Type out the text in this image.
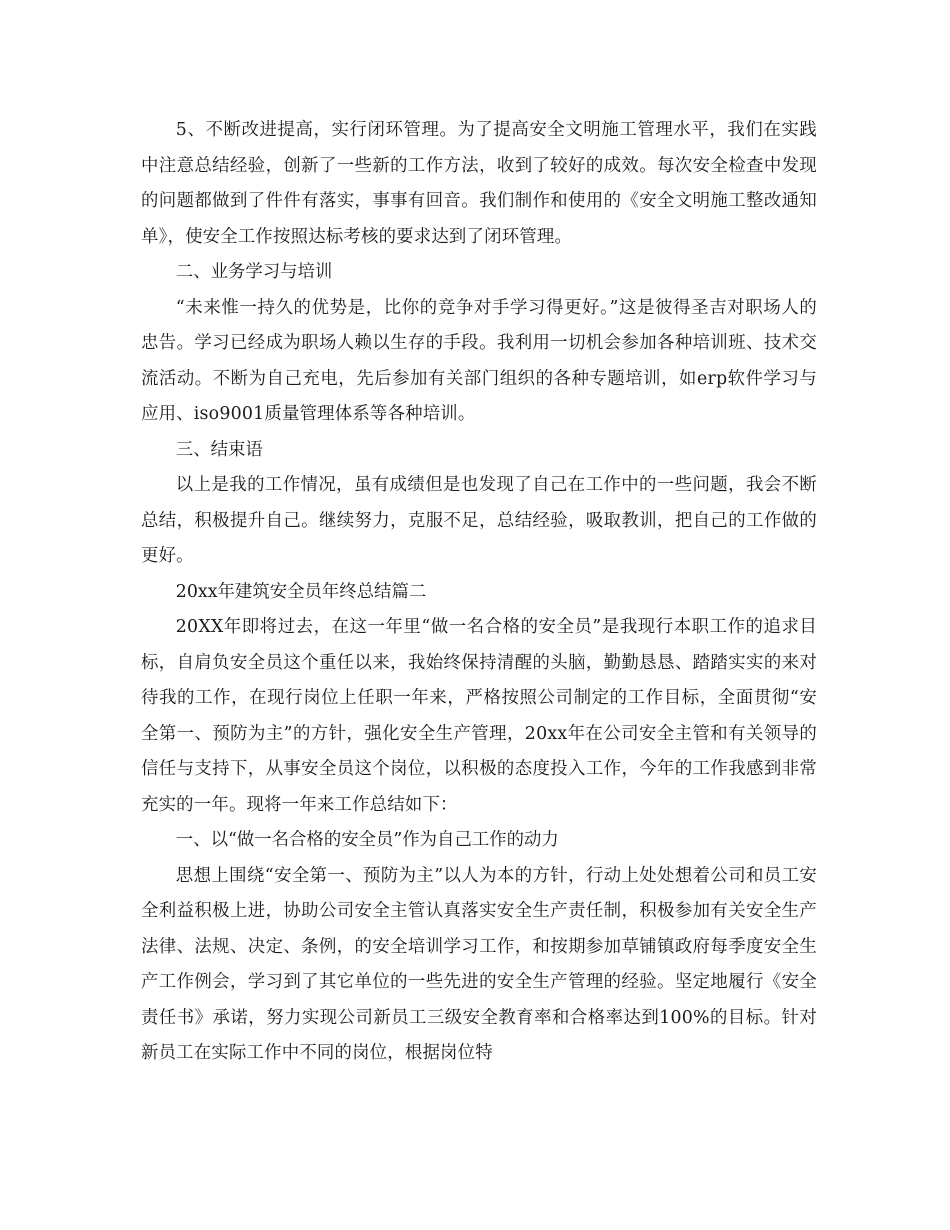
5、不断改进提高，实行闭环管理。为了提高安全文明施工管理水平，我们在实践中注意总结经验，创新了一些新的工作方法，收到了较好的成效。每次安全检查中发现的问题都做到了件件有落实，事事有回音。我们制作和使用的《安全文明施工整改通知单》，使安全工作按照达标考核的要求达到了闭环管理。

二、业务学习与培训

“未来惟一持久的优势是，比你的竞争对手学习得更好。”这是彼得圣吉对职场人的忠告。学习已经成为职场人赖以生存的手段。我利用一切机会参加各种培训班、技术交流活动。不断为自己充电，先后参加有关部门组织的各种专题培训，如erp软件学习与应用、iso9001质量管理体系等各种培训。

三、结束语

以上是我的工作情况，虽有成绩但是也发现了自己在工作中的一些问题，我会不断总结，积极提升自己。继续努力，克服不足，总结经验，吸取教训，把自己的工作做的更好。

20xx年建筑安全员年终总结篇二

20XX年即将过去，在这一年里“做一名合格的安全员”是我现行本职工作的追求目标，自肩负安全员这个重任以来，我始终保持清醒的头脑，勤勤恳恳、踏踏实实的来对待我的工作，在现行岗位上任职一年来，严格按照公司制定的工作目标，全面贯彻“安全第一、预防为主”的方针，强化安全生产管理，20xx年在公司安全主管和有关领导的信任与支持下，从事安全员这个岗位，以积极的态度投入工作，今年的工作我感到非常充实的一年。现将一年来工作总结如下：

一、以“做一名合格的安全员”作为自己工作的动力

思想上围绕“安全第一、预防为主”以人为本的方针，行动上处处想着公司和员工安全利益积极上进，协助公司安全主管认真落实安全生产责任制，积极参加有关安全生产法律、法规、决定、条例，的安全培训学习工作，和按期参加草铺镇政府每季度安全生产工作例会，学习到了其它单位的一些先进的安全生产管理的经验。坚定地履行《安全责任书》承诺，努力实现公司新员工三级安全教育率和合格率达到100%的目标。针对新员工在实际工作中不同的岗位，根据岗位特
